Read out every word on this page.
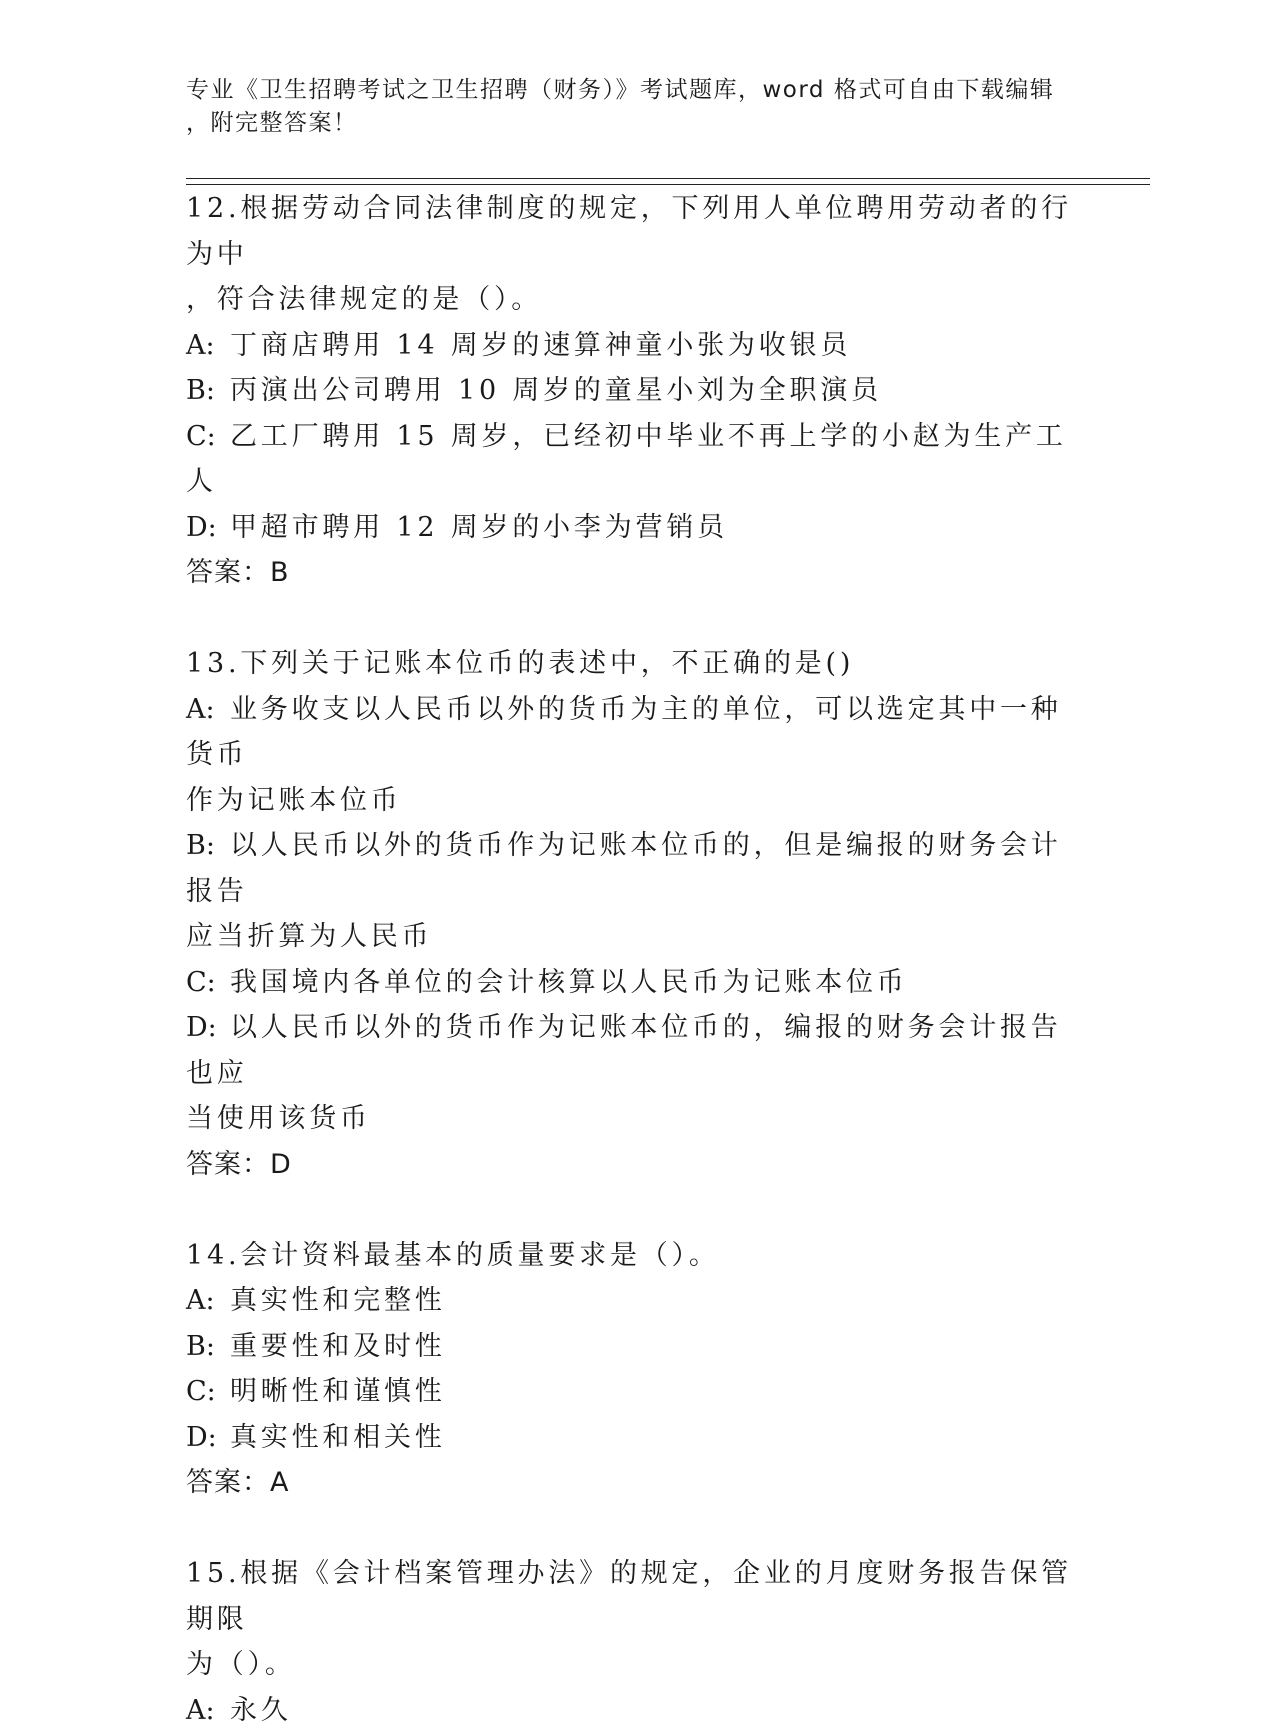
专业《卫生招聘考试之卫生招聘（财务）》考试题库，word 格式可自由下载编辑
，附完整答案！

12.根据劳动合同法律制度的规定，下列用人单位聘用劳动者的行为中

，符合法律规定的是（）。

A: 丁商店聘用 14 周岁的速算神童小张为收银员

B: 丙演出公司聘用 10 周岁的童星小刘为全职演员

C: 乙工厂聘用 15 周岁，已经初中毕业不再上学的小赵为生产工人

D: 甲超市聘用 12 周岁的小李为营销员

答案：B

13.下列关于记账本位币的表述中，不正确的是()

A: 业务收支以人民币以外的货币为主的单位，可以选定其中一种货币

作为记账本位币

B: 以人民币以外的货币作为记账本位币的，但是编报的财务会计报告

应当折算为人民币

C: 我国境内各单位的会计核算以人民币为记账本位币

D: 以人民币以外的货币作为记账本位币的，编报的财务会计报告也应

当使用该货币

答案：D

14.会计资料最基本的质量要求是（）。

A: 真实性和完整性

B: 重要性和及时性

C: 明晰性和谨慎性

D: 真实性和相关性

答案：A

15.根据《会计档案管理办法》的规定，企业的月度财务报告保管期限

为（）。

A: 永久
